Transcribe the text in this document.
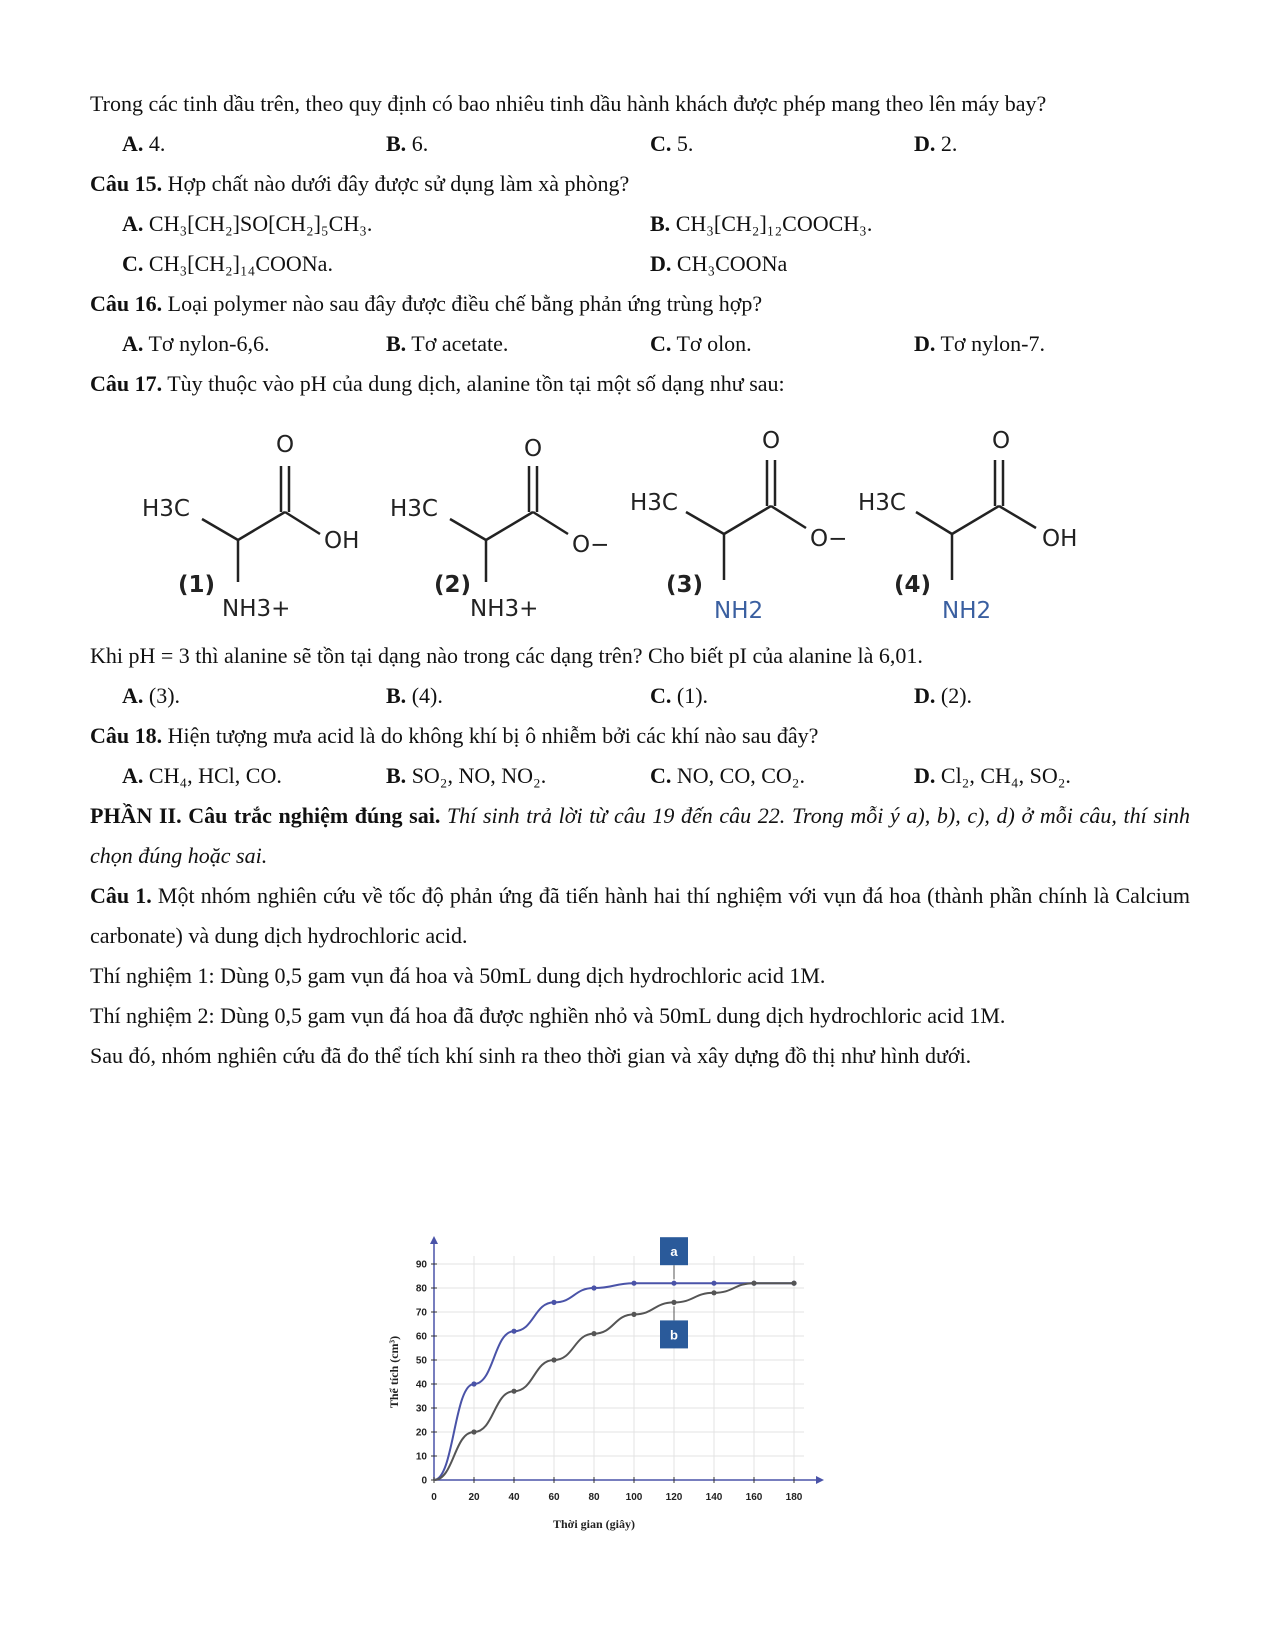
Trong các tinh dầu trên, theo quy định có bao nhiêu tinh dầu hành khách được phép mang theo lên máy bay?

A. 4.	B. 6.	C. 5.	D. 2.

Câu 15. Hợp chất nào dưới đây được sử dụng làm xà phòng?

A. CH₃[CH₂]SO[CH₂]₅CH₃.	B. CH₃[CH₂]₁₂COOCH₃.
C. CH₃[CH₂]₁₄COONa.	D. CH₃COONa

Câu 16. Loại polymer nào sau đây được điều chế bằng phản ứng trùng hợp?

A. Tơ nylon-6,6.	B. Tơ acetate.	C. Tơ olon.	D. Tơ nylon-7.

Câu 17. Tùy thuộc vào pH của dung dịch, alanine tồn tại một số dạng như sau:

O
H3C
OH
(1)
NH3+
O
H3C
O−
(2)
NH3+
O
H3C
O−
(3)
NH2
O
H3C
OH
(4)
NH2

Khi pH = 3 thì alanine sẽ tồn tại dạng nào trong các dạng trên? Cho biết pI của alanine là 6,01.

A. (3).	B. (4).	C. (1).	D. (2).

Câu 18. Hiện tượng mưa acid là do không khí bị ô nhiễm bởi các khí nào sau đây?

A. CH₄, HCl, CO.	B. SO₂, NO, NO₂.	C. NO, CO, CO₂.	D. Cl₂, CH₄, SO₂.

PHẦN II. Câu trắc nghiệm đúng sai. Thí sinh trả lời từ câu 19 đến câu 22. Trong mỗi ý a), b), c), d) ở mỗi câu, thí sinh chọn đúng hoặc sai.

Câu 1. Một nhóm nghiên cứu về tốc độ phản ứng đã tiến hành hai thí nghiệm với vụn đá hoa (thành phần chính là Calcium carbonate) và dung dịch hydrochloric acid.

Thí nghiệm 1: Dùng 0,5 gam vụn đá hoa và 50mL dung dịch hydrochloric acid 1M.

Thí nghiệm 2: Dùng 0,5 gam vụn đá hoa đã được nghiền nhỏ và 50mL dung dịch hydrochloric acid 1M.

Sau đó, nhóm nghiên cứu đã đo thể tích khí sinh ra theo thời gian và xây dựng đồ thị như hình dưới.

0	20	40	60	80	100 120 140 160 180
0
10
20
30
40
50
60
70
80
90
Thời gian (giây)
Thể tích (cm³)
a
b
